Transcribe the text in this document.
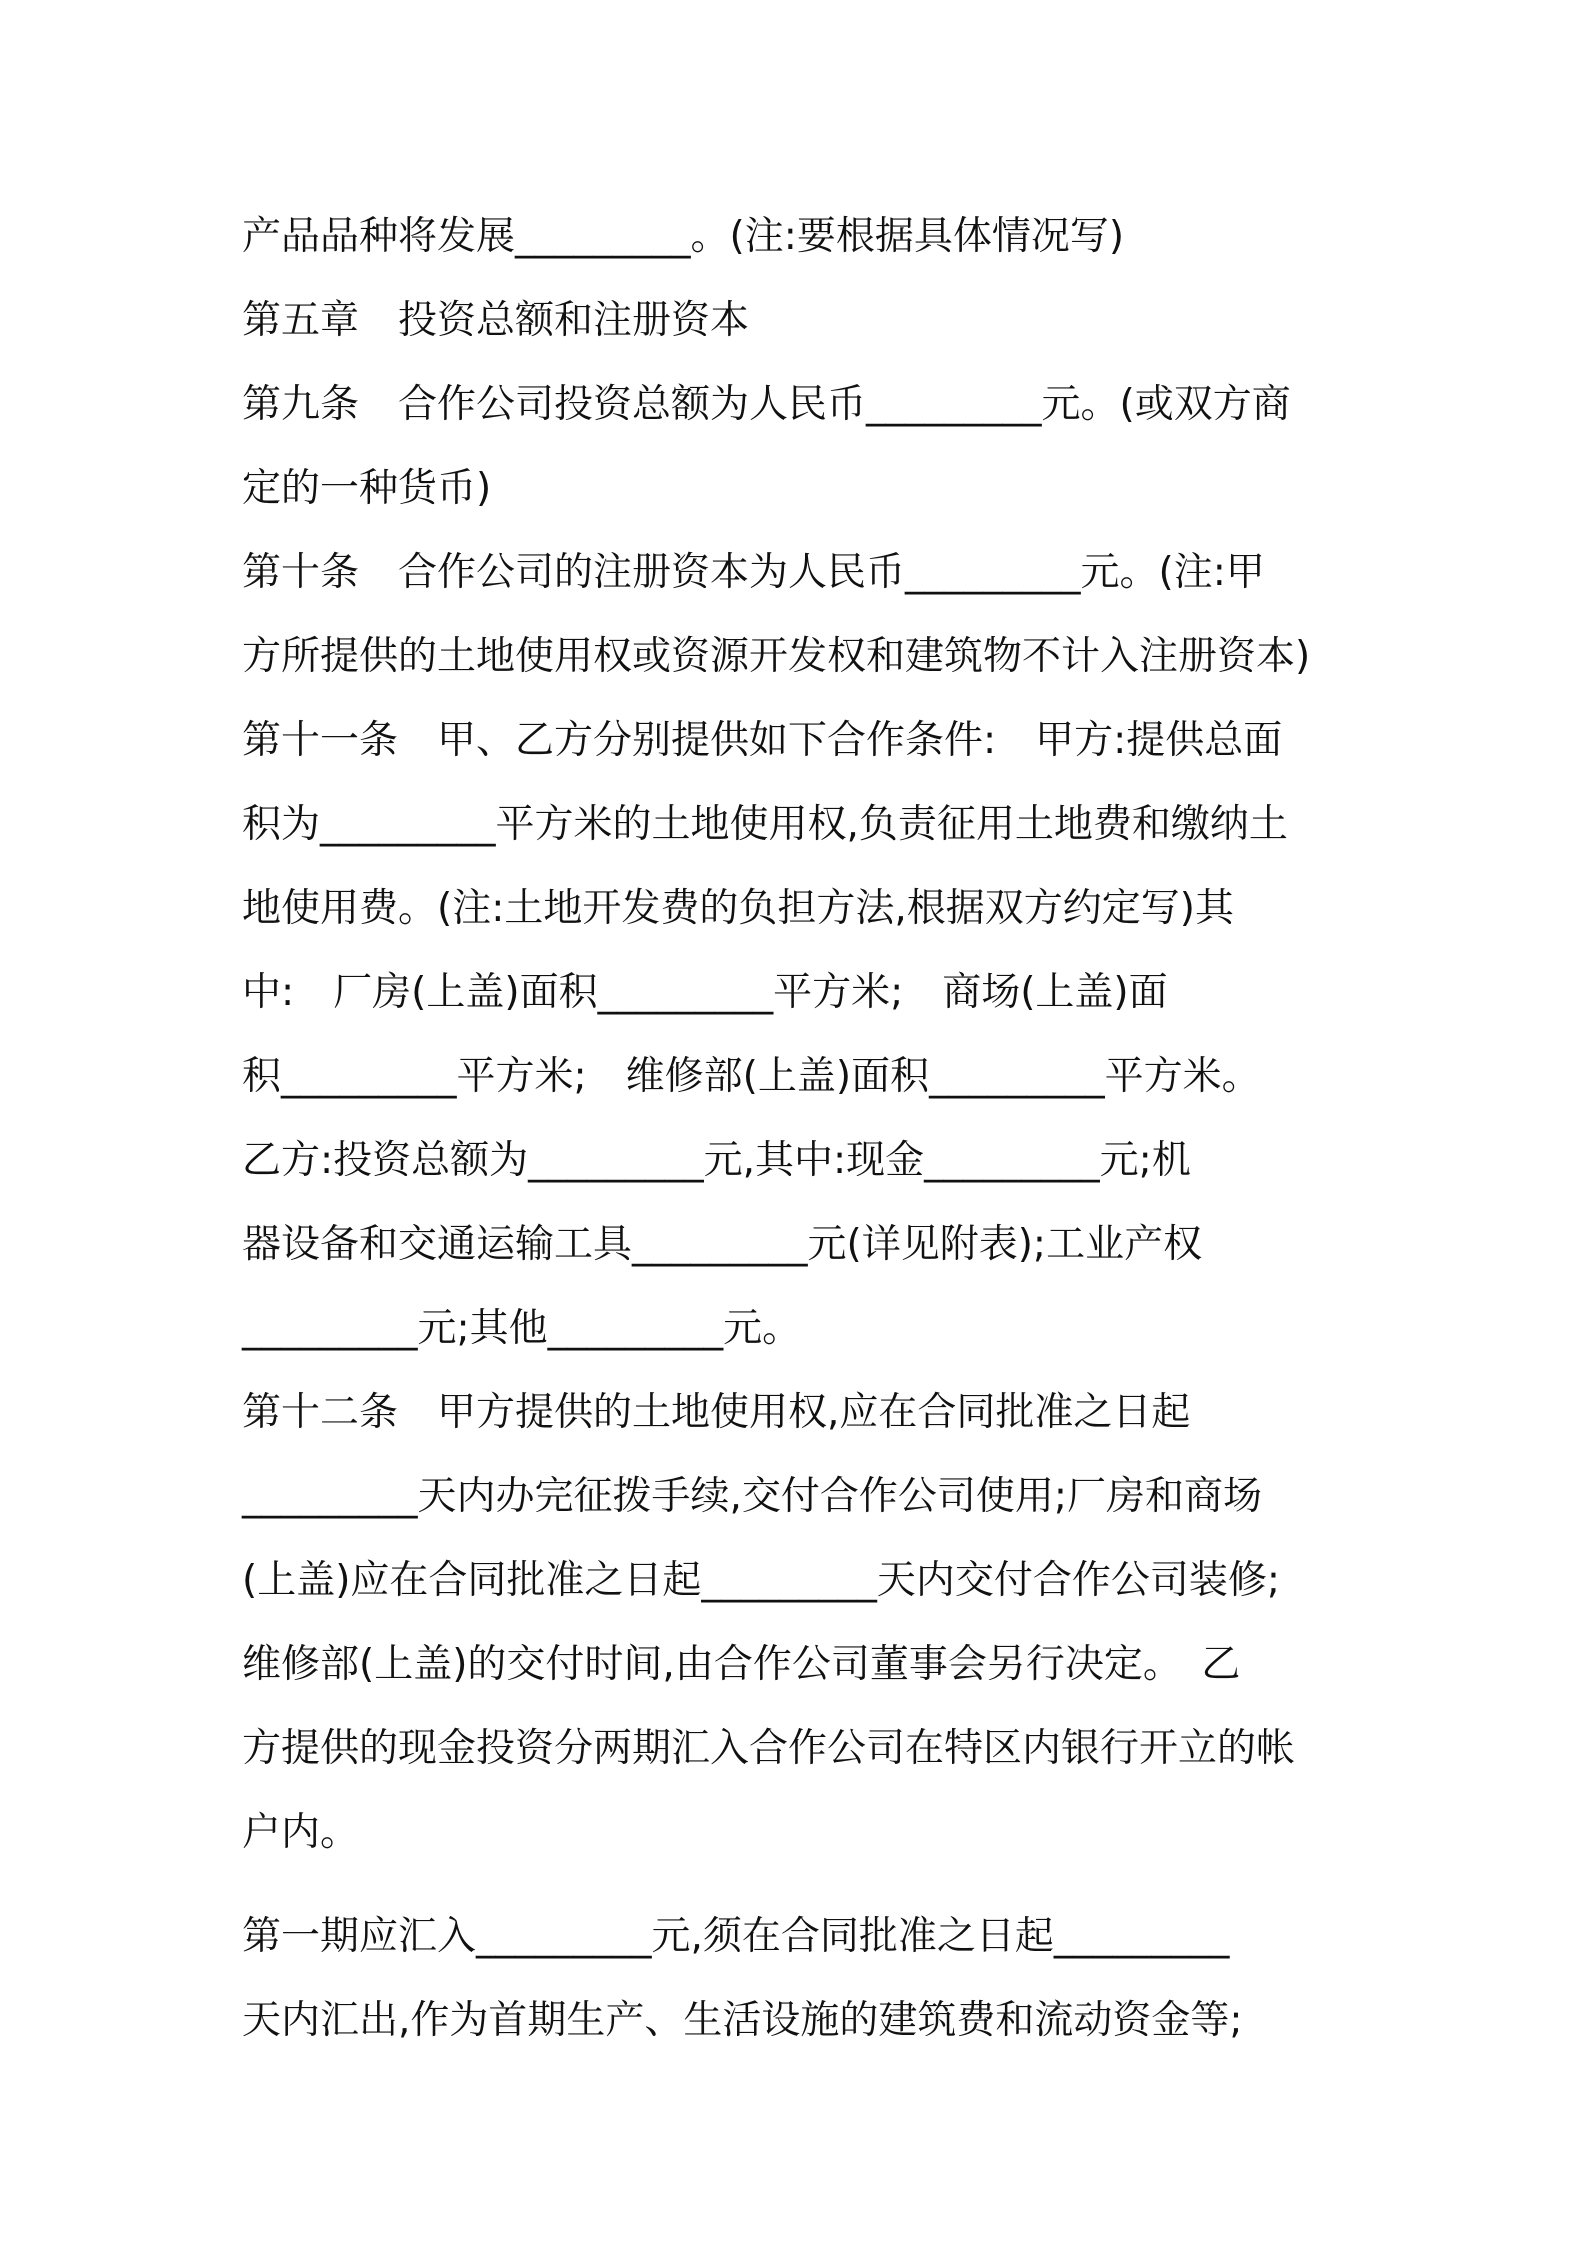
产品品种将发展_________。(注:要根据具体情况写)
第五章　投资总额和注册资本
第九条　合作公司投资总额为人民币_________元。(或双方商
定的一种货币)
第十条　合作公司的注册资本为人民币_________元。(注:甲
方所提供的土地使用权或资源开发权和建筑物不计入注册资本)
第十一条　甲、乙方分别提供如下合作条件:　甲方:提供总面
积为_________平方米的土地使用权,负责征用土地费和缴纳土
地使用费。(注:土地开发费的负担方法,根据双方约定写)其
中:　厂房(上盖)面积_________平方米;　商场(上盖)面
积_________平方米;　维修部(上盖)面积_________平方米。
乙方:投资总额为_________元,其中:现金_________元;机
器设备和交通运输工具_________元(详见附表);工业产权
_________元;其他_________元。
第十二条　甲方提供的土地使用权,应在合同批准之日起
_________天内办完征拨手续,交付合作公司使用;厂房和商场
(上盖)应在合同批准之日起_________天内交付合作公司装修;
维修部(上盖)的交付时间,由合作公司董事会另行决定。　乙
方提供的现金投资分两期汇入合作公司在特区内银行开立的帐
户内。
第一期应汇入_________元,须在合同批准之日起_________
天内汇出,作为首期生产、生活设施的建筑费和流动资金等;
